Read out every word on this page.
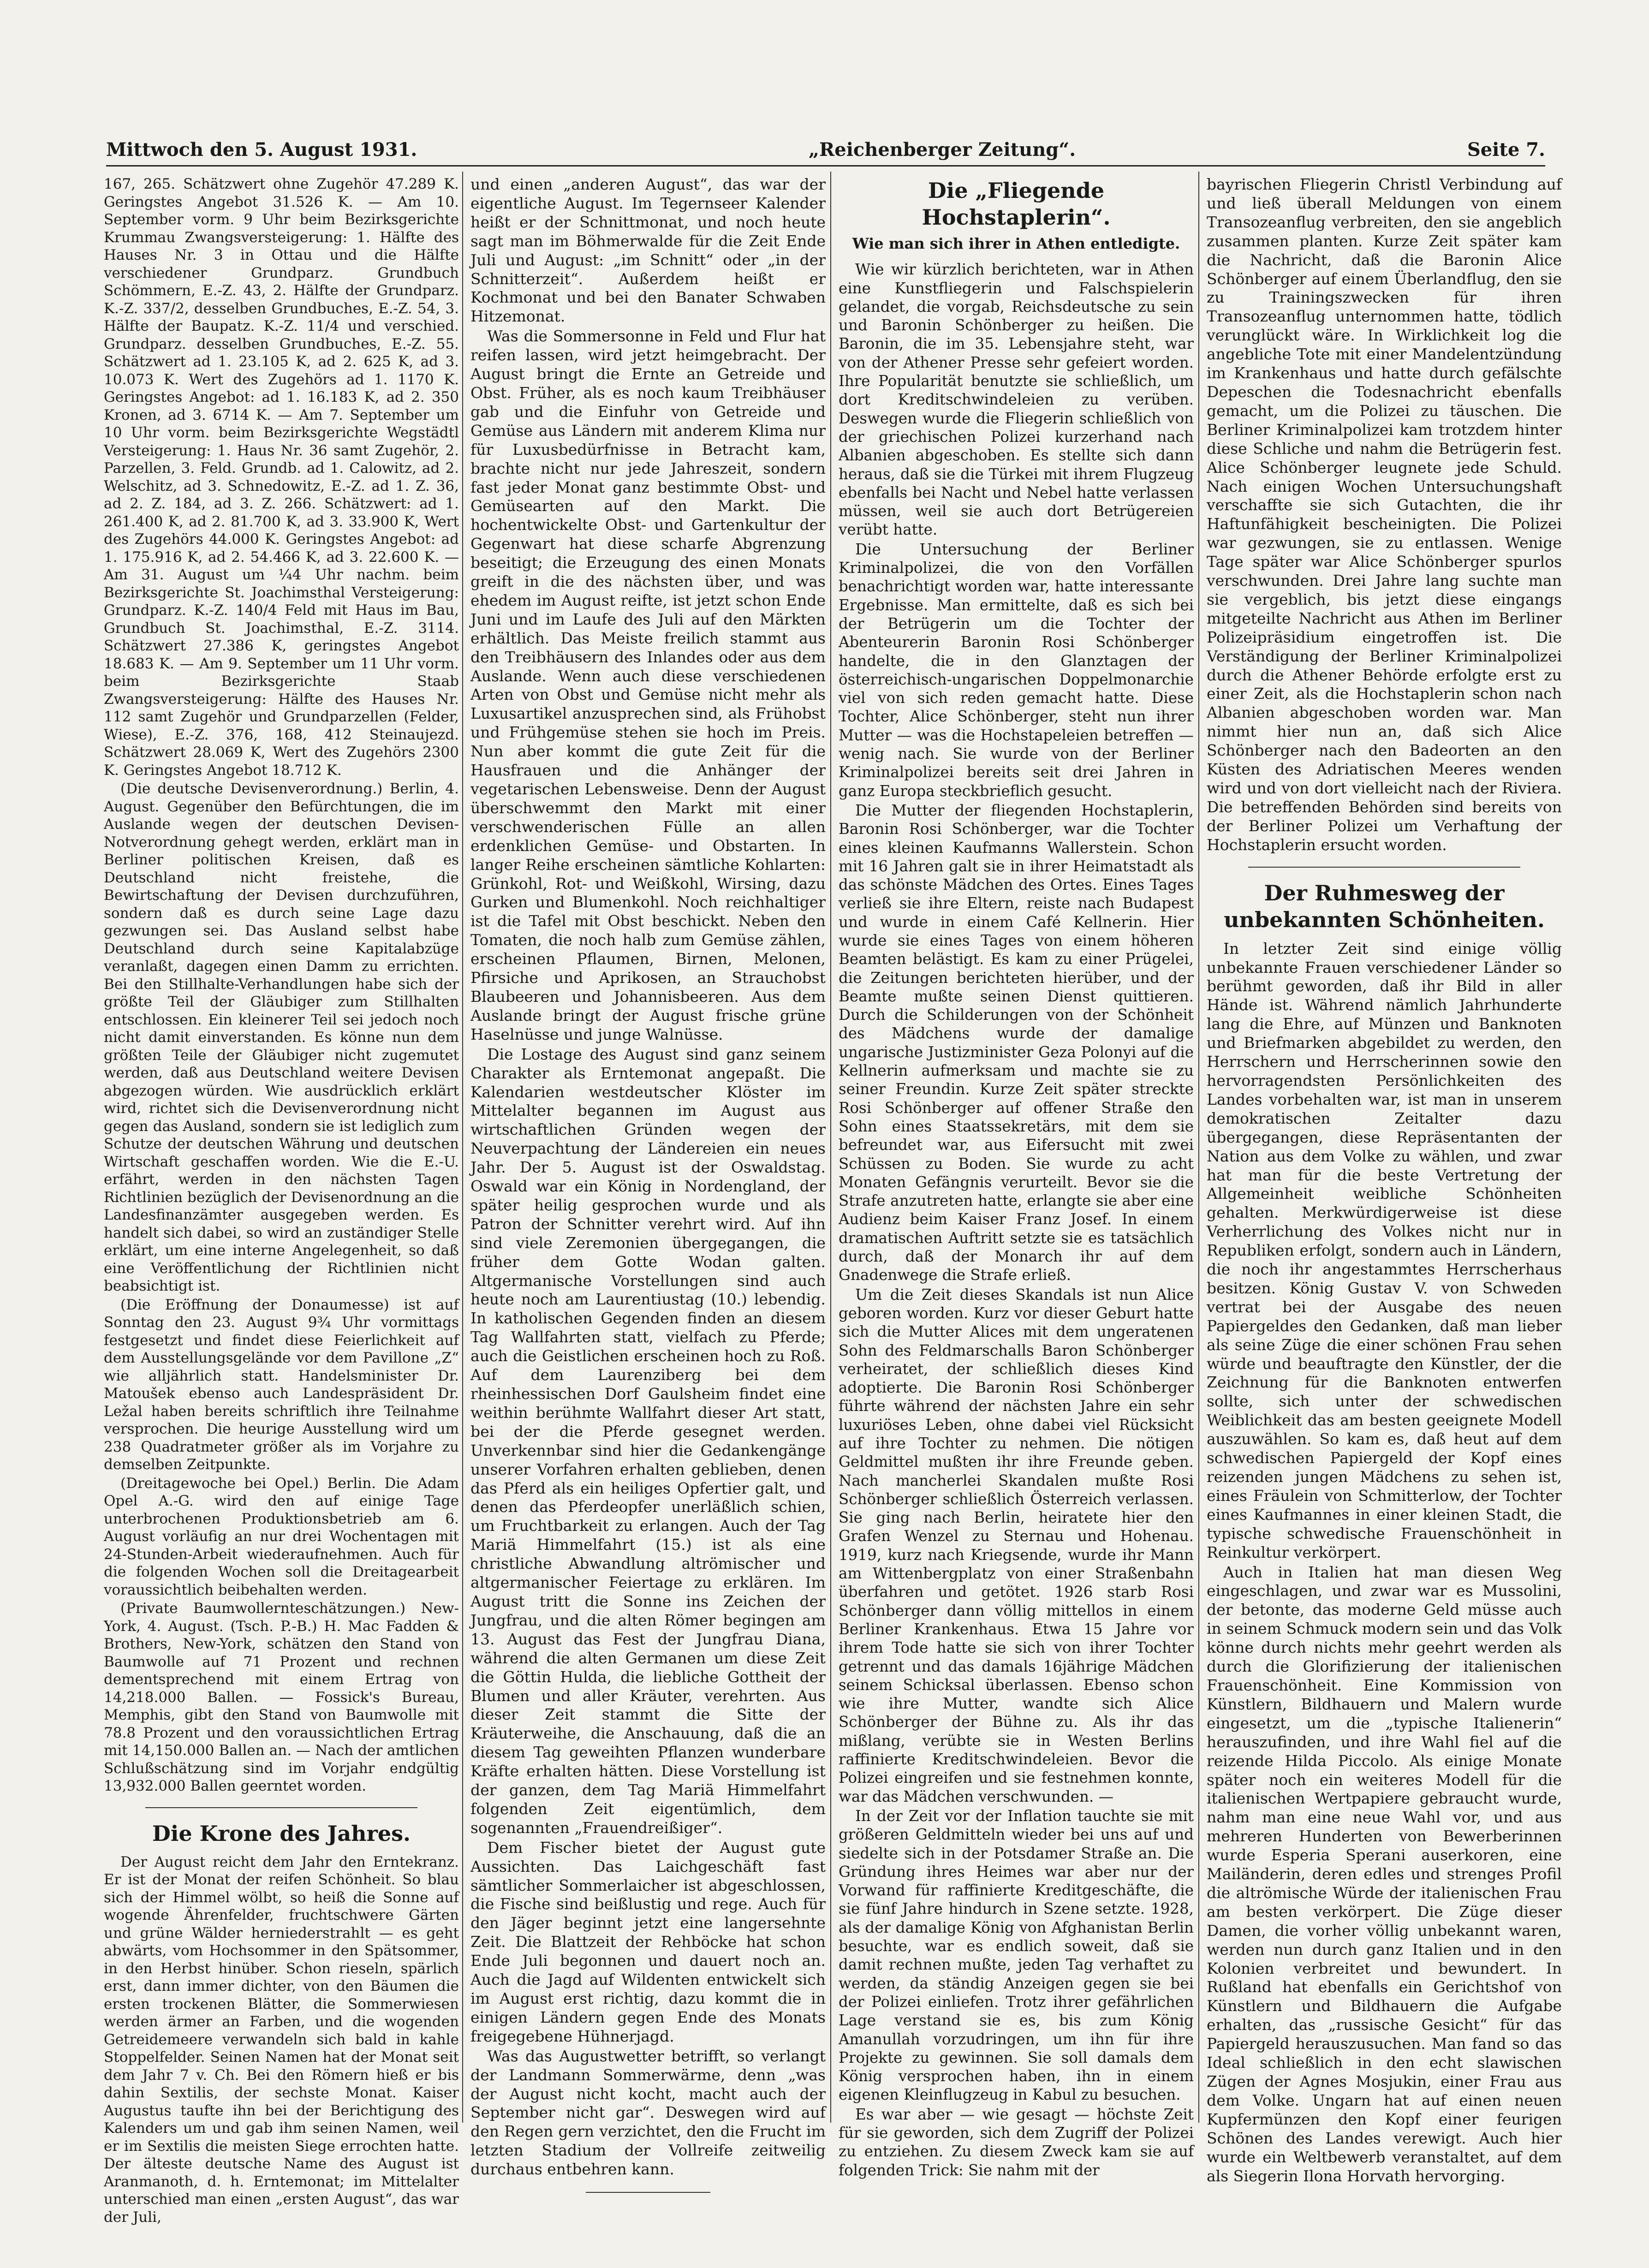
Mittwoch den 5. August 1931.	„Reichenberger Zeitung“.	Seite 7.

167, 265. Schätzwert ohne Zugehör 47.289 K. Geringstes Angebot 31.526 K. — Am 10. September vorm. 9 Uhr beim Bezirksgerichte Krummau Zwangsversteigerung: 1. Hälfte des Hauses Nr. 3 in Ottau und die Hälfte verschiedener Grundparz. Grundbuch Schömmern, E.-Z. 43, 2. Hälfte der Grundparz. K.-Z. 337/2, desselben Grundbuches, E.-Z. 54, 3. Hälfte der Baupatz. K.-Z. 11/4 und verschied. Grundparz. desselben Grundbuches, E.-Z. 55. Schätzwert ad 1. 23.105 K, ad 2. 625 K, ad 3. 10.073 K. Wert des Zugehörs ad 1. 1170 K. Geringstes Angebot: ad 1. 16.183 K, ad 2. 350 Kronen, ad 3. 6714 K. — Am 7. September um 10 Uhr vorm. beim Bezirksgerichte Wegstädtl Versteigerung: 1. Haus Nr. 36 samt Zugehör, 2. Parzellen, 3. Feld. Grundb. ad 1. Calowitz, ad 2. Welschitz, ad 3. Schnedowitz, E.-Z. ad 1. Z. 36, ad 2. Z. 184, ad 3. Z. 266. Schätzwert: ad 1. 261.400 K, ad 2. 81.700 K, ad 3. 33.900 K, Wert des Zugehörs 44.000 K. Geringstes Angebot: ad 1. 175.916 K, ad 2. 54.466 K, ad 3. 22.600 K. — Am 31. August um ¼4 Uhr nachm. beim Bezirksgerichte St. Joachimsthal Versteigerung: Grundparz. K.-Z. 140/4 Feld mit Haus im Bau, Grundbuch St. Joachimsthal, E.-Z. 3114. Schätzwert 27.386 K, geringstes Angebot 18.683 K. — Am 9. September um 11 Uhr vorm. beim Bezirksgerichte Staab Zwangsversteigerung: Hälfte des Hauses Nr. 112 samt Zugehör und Grundparzellen (Felder, Wiese), E.-Z. 376, 168, 412 Steinaujezd. Schätzwert 28.069 K, Wert des Zugehörs 2300 K. Geringstes Angebot 18.712 K.

(Die deutsche Devisenverordnung.) Berlin, 4. August. Gegenüber den Befürchtungen, die im Auslande wegen der deutschen Devisen-Notverordnung gehegt werden, erklärt man in Berliner politischen Kreisen, daß es Deutschland nicht freistehe, die Bewirtschaftung der Devisen durchzuführen, sondern daß es durch seine Lage dazu gezwungen sei. Das Ausland selbst habe Deutschland durch seine Kapitalabzüge veranlaßt, dagegen einen Damm zu errichten. Bei den Stillhalte-Verhandlungen habe sich der größte Teil der Gläubiger zum Stillhalten entschlossen. Ein kleinerer Teil sei jedoch noch nicht damit einverstanden. Es könne nun dem größten Teile der Gläubiger nicht zugemutet werden, daß aus Deutschland weitere Devisen abgezogen würden. Wie ausdrücklich erklärt wird, richtet sich die Devisenverordnung nicht gegen das Ausland, sondern sie ist lediglich zum Schutze der deutschen Währung und deutschen Wirtschaft geschaffen worden. Wie die E.-U. erfährt, werden in den nächsten Tagen Richtlinien bezüglich der Devisenordnung an die Landesfinanzämter ausgegeben werden. Es handelt sich dabei, so wird an zuständiger Stelle erklärt, um eine interne Angelegenheit, so daß eine Veröffentlichung der Richtlinien nicht beabsichtigt ist.

(Die Eröffnung der Donaumesse) ist auf Sonntag den 23. August 9¾ Uhr vormittags festgesetzt und findet diese Feierlichkeit auf dem Ausstellungsgelände vor dem Pavillone „Z“ wie alljährlich statt. Handelsminister Dr. Matoušek ebenso auch Landespräsident Dr. Ležal haben bereits schriftlich ihre Teilnahme versprochen. Die heurige Ausstellung wird um 238 Quadratmeter größer als im Vorjahre zu demselben Zeitpunkte.

(Dreitagewoche bei Opel.) Berlin. Die Adam Opel A.-G. wird den auf einige Tage unterbrochenen Produktionsbetrieb am 6. August vorläufig an nur drei Wochentagen mit 24-Stunden-Arbeit wiederaufnehmen. Auch für die folgenden Wochen soll die Dreitagearbeit voraussichtlich beibehalten werden.

(Private Baumwollernteschätzungen.) New-York, 4. August. (Tsch. P.-B.) H. Mac Fadden & Brothers, New-York, schätzen den Stand von Baumwolle auf 71 Prozent und rechnen dementsprechend mit einem Ertrag von 14,218.000 Ballen. — Fossick's Bureau, Memphis, gibt den Stand von Baumwolle mit 78.8 Prozent und den voraussichtlichen Ertrag mit 14,150.000 Ballen an. — Nach der amtlichen Schlußschätzung sind im Vorjahr endgültig 13,932.000 Ballen geerntet worden.

Die Krone des Jahres.

Der August reicht dem Jahr den Erntekranz. Er ist der Monat der reifen Schönheit. So blau sich der Himmel wölbt, so heiß die Sonne auf wogende Ährenfelder, fruchtschwere Gärten und grüne Wälder herniederstrahlt — es geht abwärts, vom Hochsommer in den Spätsommer, in den Herbst hinüber. Schon rieseln, spärlich erst, dann immer dichter, von den Bäumen die ersten trockenen Blätter, die Sommerwiesen werden ärmer an Farben, und die wogenden Getreidemeere verwandeln sich bald in kahle Stoppelfelder. Seinen Namen hat der Monat seit dem Jahr 7 v. Ch. Bei den Römern hieß er bis dahin Sextilis, der sechste Monat. Kaiser Augustus taufte ihn bei der Berichtigung des Kalenders um und gab ihm seinen Namen, weil er im Sextilis die meisten Siege errochten hatte. Der älteste deutsche Name des August ist Aranmanoth, d. h. Erntemonat; im Mittelalter unterschied man einen „ersten August“, das war der Juli,

und einen „anderen August“, das war der eigentliche August. Im Tegernseer Kalender heißt er der Schnittmonat, und noch heute sagt man im Böhmerwalde für die Zeit Ende Juli und August: „im Schnitt“ oder „in der Schnitterzeit“. Außerdem heißt er Kochmonat und bei den Banater Schwaben Hitzemonat.

Was die Sommersonne in Feld und Flur hat reifen lassen, wird jetzt heimgebracht. Der August bringt die Ernte an Getreide und Obst. Früher, als es noch kaum Treibhäuser gab und die Einfuhr von Getreide und Gemüse aus Ländern mit anderem Klima nur für Luxusbedürfnisse in Betracht kam, brachte nicht nur jede Jahreszeit, sondern fast jeder Monat ganz bestimmte Obst- und Gemüsearten auf den Markt. Die hochentwickelte Obst- und Gartenkultur der Gegenwart hat diese scharfe Abgrenzung beseitigt; die Erzeugung des einen Monats greift in die des nächsten über, und was ehedem im August reifte, ist jetzt schon Ende Juni und im Laufe des Juli auf den Märkten erhältlich. Das Meiste freilich stammt aus den Treibhäusern des Inlandes oder aus dem Auslande. Wenn auch diese verschiedenen Arten von Obst und Gemüse nicht mehr als Luxusartikel anzusprechen sind, als Frühobst und Frühgemüse stehen sie hoch im Preis. Nun aber kommt die gute Zeit für die Hausfrauen und die Anhänger der vegetarischen Lebensweise. Denn der August überschwemmt den Markt mit einer verschwenderischen Fülle an allen erdenklichen Gemüse- und Obstarten. In langer Reihe erscheinen sämtliche Kohlarten: Grünkohl, Rot- und Weißkohl, Wirsing, dazu Gurken und Blumenkohl. Noch reichhaltiger ist die Tafel mit Obst beschickt. Neben den Tomaten, die noch halb zum Gemüse zählen, erscheinen Pflaumen, Birnen, Melonen, Pfirsiche und Aprikosen, an Strauchobst Blaubeeren und Johannisbeeren. Aus dem Auslande bringt der August frische grüne Haselnüsse und junge Walnüsse.

Die Lostage des August sind ganz seinem Charakter als Erntemonat angepaßt. Die Kalendarien westdeutscher Klöster im Mittelalter begannen im August aus wirtschaftlichen Gründen wegen der Neuverpachtung der Ländereien ein neues Jahr. Der 5. August ist der Oswaldstag. Oswald war ein König in Nordengland, der später heilig gesprochen wurde und als Patron der Schnitter verehrt wird. Auf ihn sind viele Zeremonien übergegangen, die früher dem Gotte Wodan galten. Altgermanische Vorstellungen sind auch heute noch am Laurentiustag (10.) lebendig. In katholischen Gegenden finden an diesem Tag Wallfahrten statt, vielfach zu Pferde; auch die Geistlichen erscheinen hoch zu Roß. Auf dem Laurenziberg bei dem rheinhessischen Dorf Gaulsheim findet eine weithin berühmte Wallfahrt dieser Art statt, bei der die Pferde gesegnet werden. Unverkennbar sind hier die Gedankengänge unserer Vorfahren erhalten geblieben, denen das Pferd als ein heiliges Opfertier galt, und denen das Pferdeopfer unerläßlich schien, um Fruchtbarkeit zu erlangen. Auch der Tag Mariä Himmelfahrt (15.) ist als eine christliche Abwandlung altrömischer und altgermanischer Feiertage zu erklären. Im August tritt die Sonne ins Zeichen der Jungfrau, und die alten Römer begingen am 13. August das Fest der Jungfrau Diana, während die alten Germanen um diese Zeit die Göttin Hulda, die liebliche Gottheit der Blumen und aller Kräuter, verehrten. Aus dieser Zeit stammt die Sitte der Kräuterweihe, die Anschauung, daß die an diesem Tag geweihten Pflanzen wunderbare Kräfte erhalten hätten. Diese Vorstellung ist der ganzen, dem Tag Mariä Himmelfahrt folgenden Zeit eigentümlich, dem sogenannten „Frauendreißiger“.

Dem Fischer bietet der August gute Aussichten. Das Laichgeschäft fast sämtlicher Sommerlaicher ist abgeschlossen, die Fische sind beißlustig und rege. Auch für den Jäger beginnt jetzt eine langersehnte Zeit. Die Blattzeit der Rehböcke hat schon Ende Juli begonnen und dauert noch an. Auch die Jagd auf Wildenten entwickelt sich im August erst richtig, dazu kommt die in einigen Ländern gegen Ende des Monats freigegebene Hühnerjagd.

Was das Augustwetter betrifft, so verlangt der Landmann Sommerwärme, denn „was der August nicht kocht, macht auch der September nicht gar“. Deswegen wird auf den Regen gern verzichtet, den die Frucht im letzten Stadium der Vollreife zeitweilig durchaus entbehren kann.

Die „Fliegende Hochstaplerin“.
Wie man sich ihrer in Athen entledigte.

Wie wir kürzlich berichteten, war in Athen eine Kunstfliegerin und Falschspielerin gelandet, die vorgab, Reichsdeutsche zu sein und Baronin Schönberger zu heißen. Die Baronin, die im 35. Lebensjahre steht, war von der Athener Presse sehr gefeiert worden. Ihre Popularität benutzte sie schließlich, um dort Kreditschwindeleien zu verüben. Deswegen wurde die Fliegerin schließlich von der griechischen Polizei kurzerhand nach Albanien abgeschoben. Es stellte sich dann heraus, daß sie die Türkei mit ihrem Flugzeug ebenfalls bei Nacht und Nebel hatte verlassen müssen, weil sie auch dort Betrügereien verübt hatte.

Die Untersuchung der Berliner Kriminalpolizei, die von den Vorfällen benachrichtigt worden war, hatte interessante Ergebnisse. Man ermittelte, daß es sich bei der Betrügerin um die Tochter der Abenteurerin Baronin Rosi Schönberger handelte, die in den Glanztagen der österreichisch-ungarischen Doppelmonarchie viel von sich reden gemacht hatte. Diese Tochter, Alice Schönberger, steht nun ihrer Mutter — was die Hochstapeleien betreffen — wenig nach. Sie wurde von der Berliner Kriminalpolizei bereits seit drei Jahren in ganz Europa steckbrieflich gesucht.

Die Mutter der fliegenden Hochstaplerin, Baronin Rosi Schönberger, war die Tochter eines kleinen Kaufmanns Wallerstein. Schon mit 16 Jahren galt sie in ihrer Heimatstadt als das schönste Mädchen des Ortes. Eines Tages verließ sie ihre Eltern, reiste nach Budapest und wurde in einem Café Kellnerin. Hier wurde sie eines Tages von einem höheren Beamten belästigt. Es kam zu einer Prügelei, die Zeitungen berichteten hierüber, und der Beamte mußte seinen Dienst quittieren. Durch die Schilderungen von der Schönheit des Mädchens wurde der damalige ungarische Justizminister Geza Polonyi auf die Kellnerin aufmerksam und machte sie zu seiner Freundin. Kurze Zeit später streckte Rosi Schönberger auf offener Straße den Sohn eines Staatssekretärs, mit dem sie befreundet war, aus Eifersucht mit zwei Schüssen zu Boden. Sie wurde zu acht Monaten Gefängnis verurteilt. Bevor sie die Strafe anzutreten hatte, erlangte sie aber eine Audienz beim Kaiser Franz Josef. In einem dramatischen Auftritt setzte sie es tatsächlich durch, daß der Monarch ihr auf dem Gnadenwege die Strafe erließ.

Um die Zeit dieses Skandals ist nun Alice geboren worden. Kurz vor dieser Geburt hatte sich die Mutter Alices mit dem ungeratenen Sohn des Feldmarschalls Baron Schönberger verheiratet, der schließlich dieses Kind adoptierte. Die Baronin Rosi Schönberger führte während der nächsten Jahre ein sehr luxuriöses Leben, ohne dabei viel Rücksicht auf ihre Tochter zu nehmen. Die nötigen Geldmittel mußten ihr ihre Freunde geben. Nach mancherlei Skandalen mußte Rosi Schönberger schließlich Österreich verlassen. Sie ging nach Berlin, heiratete hier den Grafen Wenzel zu Sternau und Hohenau. 1919, kurz nach Kriegsende, wurde ihr Mann am Wittenbergplatz von einer Straßenbahn überfahren und getötet. 1926 starb Rosi Schönberger dann völlig mittellos in einem Berliner Krankenhaus. Etwa 15 Jahre vor ihrem Tode hatte sie sich von ihrer Tochter getrennt und das damals 16jährige Mädchen seinem Schicksal überlassen. Ebenso schon wie ihre Mutter, wandte sich Alice Schönberger der Bühne zu. Als ihr das mißlang, verübte sie in Westen Berlins raffinierte Kreditschwindeleien. Bevor die Polizei eingreifen und sie festnehmen konnte, war das Mädchen verschwunden. —

In der Zeit vor der Inflation tauchte sie mit größeren Geldmitteln wieder bei uns auf und siedelte sich in der Potsdamer Straße an. Die Gründung ihres Heimes war aber nur der Vorwand für raffinierte Kreditgeschäfte, die sie fünf Jahre hindurch in Szene setzte. 1928, als der damalige König von Afghanistan Berlin besuchte, war es endlich soweit, daß sie damit rechnen mußte, jeden Tag verhaftet zu werden, da ständig Anzeigen gegen sie bei der Polizei einliefen. Trotz ihrer gefährlichen Lage verstand sie es, bis zum König Amanullah vorzudringen, um ihn für ihre Projekte zu gewinnen. Sie soll damals dem König versprochen haben, ihn in einem eigenen Kleinflugzeug in Kabul zu besuchen.

Es war aber — wie gesagt — höchste Zeit für sie geworden, sich dem Zugriff der Polizei zu entziehen. Zu diesem Zweck kam sie auf folgenden Trick: Sie nahm mit der

bayrischen Fliegerin Christl Verbindung auf und ließ überall Meldungen von einem Transozeanflug verbreiten, den sie angeblich zusammen planten. Kurze Zeit später kam die Nachricht, daß die Baronin Alice Schönberger auf einem Überlandflug, den sie zu Trainingszwecken für ihren Transozeanflug unternommen hatte, tödlich verunglückt wäre. In Wirklichkeit log die angebliche Tote mit einer Mandelentzündung im Krankenhaus und hatte durch gefälschte Depeschen die Todesnachricht ebenfalls gemacht, um die Polizei zu täuschen. Die Berliner Kriminalpolizei kam trotzdem hinter diese Schliche und nahm die Betrügerin fest. Alice Schönberger leugnete jede Schuld. Nach einigen Wochen Untersuchungshaft verschaffte sie sich Gutachten, die ihr Haftunfähigkeit bescheinigten. Die Polizei war gezwungen, sie zu entlassen. Wenige Tage später war Alice Schönberger spurlos verschwunden. Drei Jahre lang suchte man sie vergeblich, bis jetzt diese eingangs mitgeteilte Nachricht aus Athen im Berliner Polizeipräsidium eingetroffen ist. Die Verständigung der Berliner Kriminalpolizei durch die Athener Behörde erfolgte erst zu einer Zeit, als die Hochstaplerin schon nach Albanien abgeschoben worden war. Man nimmt hier nun an, daß sich Alice Schönberger nach den Badeorten an den Küsten des Adriatischen Meeres wenden wird und von dort vielleicht nach der Riviera. Die betreffenden Behörden sind bereits von der Berliner Polizei um Verhaftung der Hochstaplerin ersucht worden.

Der Ruhmesweg der unbekannten Schönheiten.

In letzter Zeit sind einige völlig unbekannte Frauen verschiedener Länder so berühmt geworden, daß ihr Bild in aller Hände ist. Während nämlich Jahrhunderte lang die Ehre, auf Münzen und Banknoten und Briefmarken abgebildet zu werden, den Herrschern und Herrscherinnen sowie den hervorragendsten Persönlichkeiten des Landes vorbehalten war, ist man in unserem demokratischen Zeitalter dazu übergegangen, diese Repräsentanten der Nation aus dem Volke zu wählen, und zwar hat man für die beste Vertretung der Allgemeinheit weibliche Schönheiten gehalten. Merkwürdigerweise ist diese Verherrlichung des Volkes nicht nur in Republiken erfolgt, sondern auch in Ländern, die noch ihr angestammtes Herrscherhaus besitzen. König Gustav V. von Schweden vertrat bei der Ausgabe des neuen Papiergeldes den Gedanken, daß man lieber als seine Züge die einer schönen Frau sehen würde und beauftragte den Künstler, der die Zeichnung für die Banknoten entwerfen sollte, sich unter der schwedischen Weiblichkeit das am besten geeignete Modell auszuwählen. So kam es, daß heut auf dem schwedischen Papiergeld der Kopf eines reizenden jungen Mädchens zu sehen ist, eines Fräulein von Schmitterlow, der Tochter eines Kaufmannes in einer kleinen Stadt, die typische schwedische Frauenschönheit in Reinkultur verkörpert.

Auch in Italien hat man diesen Weg eingeschlagen, und zwar war es Mussolini, der betonte, das moderne Geld müsse auch in seinem Schmuck modern sein und das Volk könne durch nichts mehr geehrt werden als durch die Glorifizierung der italienischen Frauenschönheit. Eine Kommission von Künstlern, Bildhauern und Malern wurde eingesetzt, um die „typische Italienerin“ herauszufinden, und ihre Wahl fiel auf die reizende Hilda Piccolo. Als einige Monate später noch ein weiteres Modell für die italienischen Wertpapiere gebraucht wurde, nahm man eine neue Wahl vor, und aus mehreren Hunderten von Bewerberinnen wurde Esperia Sperani auserkoren, eine Mailänderin, deren edles und strenges Profil die altrömische Würde der italienischen Frau am besten verkörpert. Die Züge dieser Damen, die vorher völlig unbekannt waren, werden nun durch ganz Italien und in den Kolonien verbreitet und bewundert. In Rußland hat ebenfalls ein Gerichtshof von Künstlern und Bildhauern die Aufgabe erhalten, das „russische Gesicht“ für das Papiergeld herauszusuchen. Man fand so das Ideal schließlich in den echt slawischen Zügen der Agnes Mosjukin, einer Frau aus dem Volke. Ungarn hat auf einen neuen Kupfermünzen den Kopf einer feurigen Schönen des Landes verewigt. Auch hier wurde ein Weltbewerb veranstaltet, auf dem als Siegerin Ilona Horvath hervorging.
